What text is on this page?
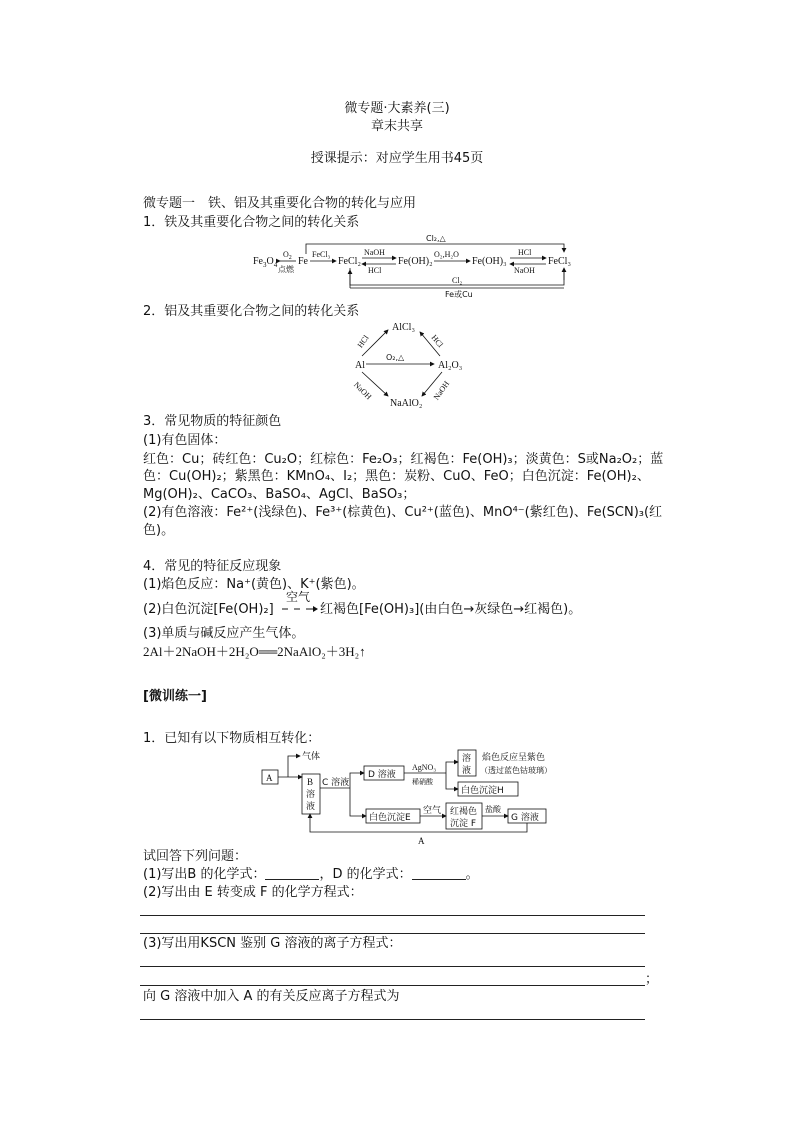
微专题·大素养(三)
章末共享
授课提示：对应学生用书45页
微专题一　铁、铝及其重要化合物的转化与应用
1．铁及其重要化合物之间的转化关系
$Fe_3O_4$
$O_2$
点燃
Fe
FeCl₃
FeCl₂
NaOH
HCl
Fe(OH)₂
O₂,H₂O
Fe(OH)₃
HCl
NaOH
FeCl₃
Cl₂,△
Cl₂
Fe或Cu
2．铝及其重要化合物之间的转化关系
AlCl₃
Al	Al₂O₃
NaAlO₂
O₂,△
HCl	HCl
NaOH	NaOH
3．常见物质的特征颜色
(1)有色固体：
红色：Cu；砖红色：Cu₂O；红棕色：Fe₂O₃；红褐色：Fe(OH)₃；淡黄色：S或Na₂O₂；蓝
色：Cu(OH)₂；紫黑色：KMnO₄、I₂；黑色：炭粉、CuO、FeO；白色沉淀：Fe(OH)₂、
Mg(OH)₂、CaCO₃、BaSO₄、AgCl、BaSO₃；
(2)有色溶液：Fe²⁺(浅绿色)、Fe³⁺(棕黄色)、Cu²⁺(蓝色)、MnO⁴⁻(紫红色)、Fe(SCN)₃(红
色)。
4．常见的特征反应现象
(1)焰色反应：Na⁺(黄色)、K⁺(紫色)。
(2)白色沉淀[Fe(OH)₂]
空气
红褐色[Fe(OH)₃](由白色→灰绿色→红褐色)。
(3)单质与碱反应产生气体。
2Al＋2NaOH＋2H₂O══2NaAlO₂＋3H₂↑
[微训练一]
1．已知有以下物质相互转化：
A
气体
B
溶
液
C 溶液
D 溶液
AgNO₃
稀硝酸
溶
液
焰色反应呈紫色
（透过蓝色钴玻璃）
白色沉淀H
白色沉淀E
空气 红褐色
沉淀 F
盐酸
G 溶液
A
试回答下列问题：
(1)写出B 的化学式：	，D 的化学式：	。
(2)写出由 E 转变成 F 的化学方程式：
(3)写出用KSCN 鉴别 G 溶液的离子方程式：
；
向 G 溶液中加入 A 的有关反应离子方程式为
